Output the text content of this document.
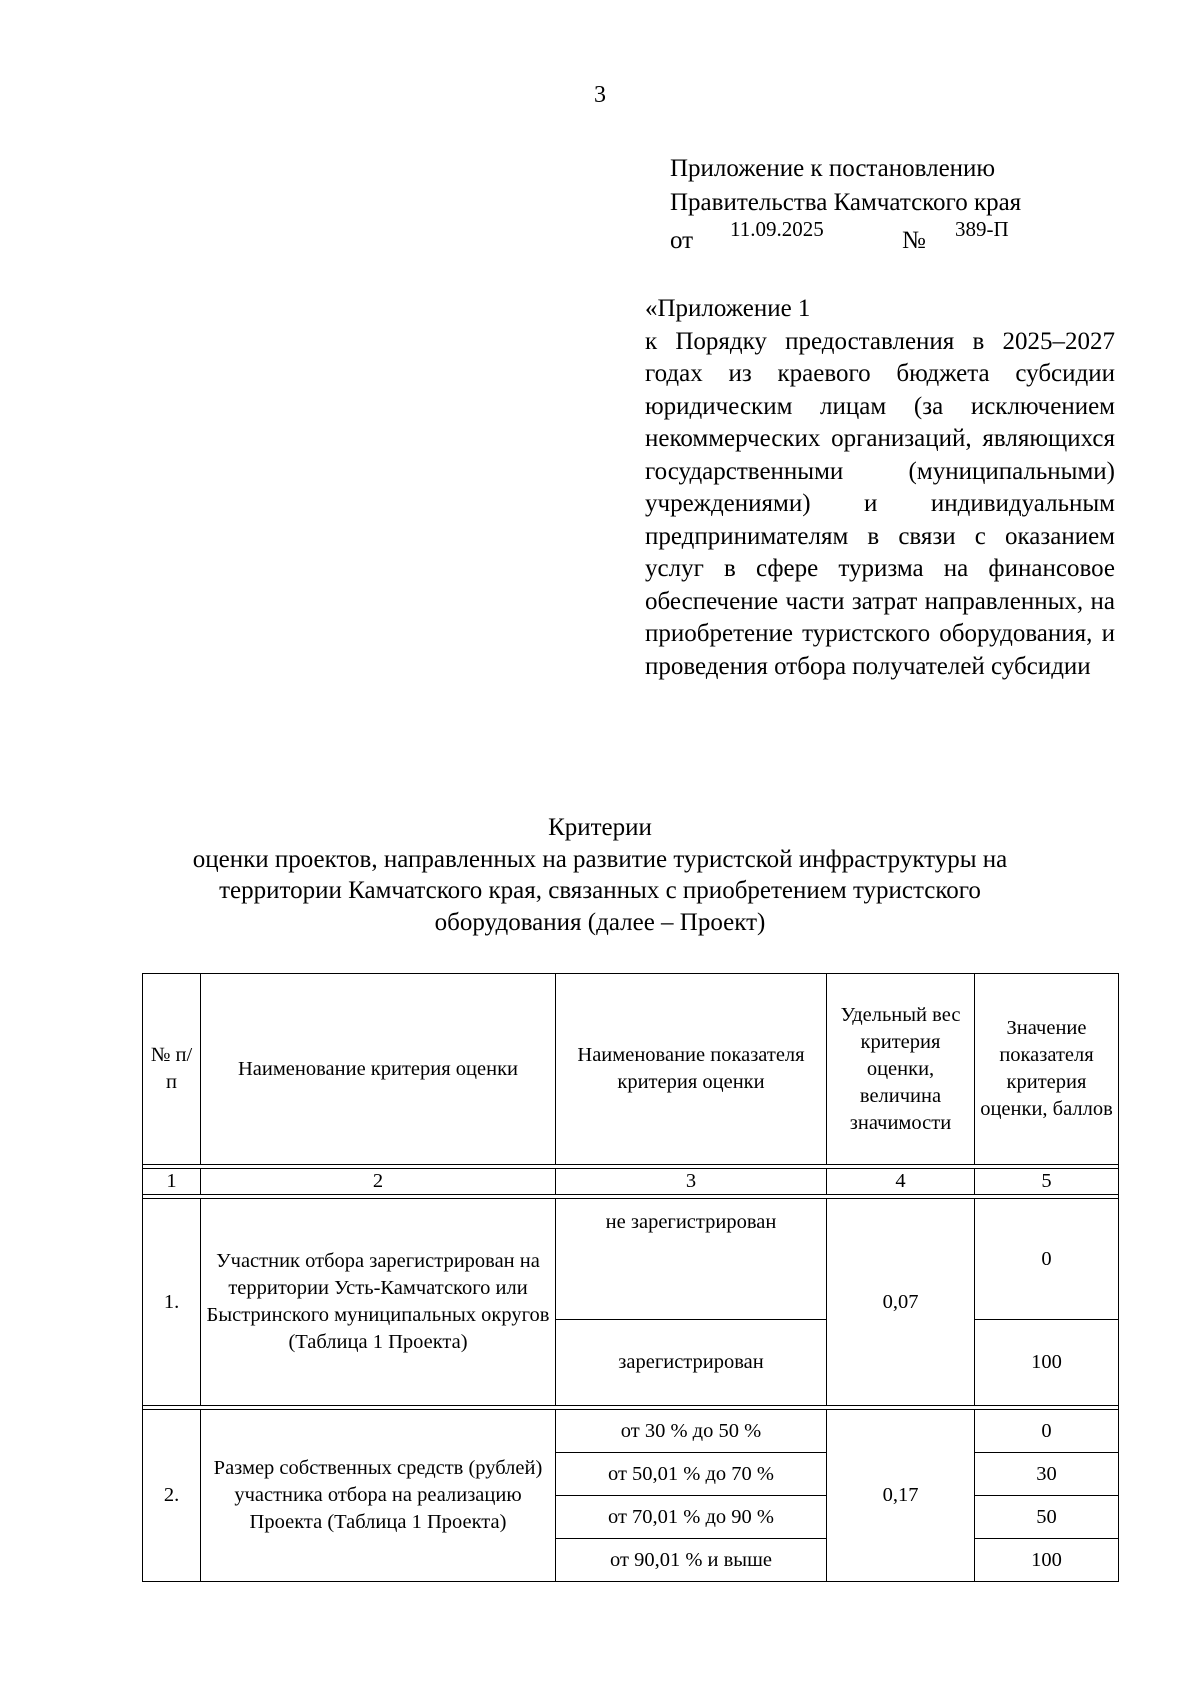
3
Приложение к постановлению
Правительства Камчатского края
от 11.09.2025	№ 389-П
«Приложение 1
к Порядку предоставления в 2025–2027 годах из краевого бюджета субсидии юридическим лицам (за исключением некоммерческих организаций, являющихся государственными (муниципальными) учреждениями) и индивидуальным предпринимателям в связи с оказанием услуг в сфере туризма на финансовое обеспечение части затрат направленных, на приобретение туристского оборудования, и проведения отбора получателей субсидии
Критерии
оценки проектов, направленных на развитие туристской инфраструктуры на
территории Камчатского края, связанных с приобретением туристского
оборудования (далее – Проект)
№ п/п	Наименование критерия оценки	Наименование показателя критерия оценки	Удельный вес критерия оценки, величина значимости	Значение показателя критерия оценки, баллов

1	2	3	4	5

1.	Участник отбора зарегистрирован на территории Усть-Камчатского или Быстринского муниципальных округов (Таблица 1 Проекта)	не зарегистрирован	0,07	0
		зарегистрирован		100

2.	Размер собственных средств (рублей) участника отбора на реализацию Проекта (Таблица 1 Проекта)	от 30 % до 50 %	0,17	0
		от 50,01 % до 70 %		30
		от 70,01 % до 90 %		50
		от 90,01 % и выше		100
